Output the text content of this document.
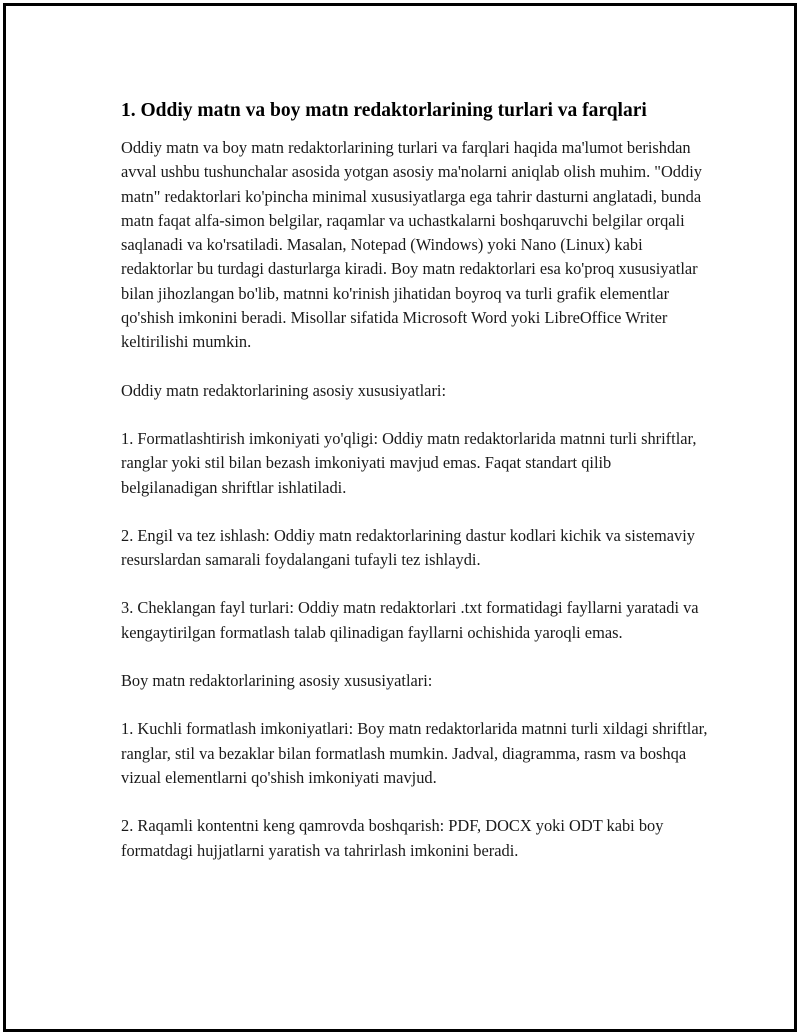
1. Oddiy matn va boy matn redaktorlarining turlari va farqlari

Oddiy matn va boy matn redaktorlarining turlari va farqlari haqida ma'lumot berishdan avval ushbu tushunchalar asosida yotgan asosiy ma'nolarni aniqlab olish muhim. "Oddiy matn" redaktorlari ko'pincha minimal xususiyatlarga ega tahrir dasturni anglatadi, bunda matn faqat alfa-simon belgilar, raqamlar va uchastkalarni boshqaruvchi belgilar orqali saqlanadi va ko'rsatiladi. Masalan, Notepad (Windows) yoki Nano (Linux) kabi redaktorlar bu turdagi dasturlarga kiradi. Boy matn redaktorlari esa ko'proq xususiyatlar bilan jihozlangan bo'lib, matnni ko'rinish jihatidan boyroq va turli grafik elementlar qo'shish imkonini beradi. Misollar sifatida Microsoft Word yoki LibreOffice Writer keltirilishi mumkin.

Oddiy matn redaktorlarining asosiy xususiyatlari:

1. Formatlashtirish imkoniyati yo'qligi: Oddiy matn redaktorlarida matnni turli shriftlar, ranglar yoki stil bilan bezash imkoniyati mavjud emas. Faqat standart qilib belgilanadigan shriftlar ishlatiladi.

2. Engil va tez ishlash: Oddiy matn redaktorlarining dastur kodlari kichik va sistemaviy resurslardan samarali foydalangani tufayli tez ishlaydi.

3. Cheklangan fayl turlari: Oddiy matn redaktorlari .txt formatidagi fayllarni yaratadi va kengaytirilgan formatlash talab qilinadigan fayllarni ochishida yaroqli emas.

Boy matn redaktorlarining asosiy xususiyatlari:

1. Kuchli formatlash imkoniyatlari: Boy matn redaktorlarida matnni turli xildagi shriftlar, ranglar, stil va bezaklar bilan formatlash mumkin. Jadval, diagramma, rasm va boshqa vizual elementlarni qo'shish imkoniyati mavjud.

2. Raqamli kontentni keng qamrovda boshqarish: PDF, DOCX yoki ODT kabi boy formatdagi hujjatlarni yaratish va tahrirlash imkonini beradi.
